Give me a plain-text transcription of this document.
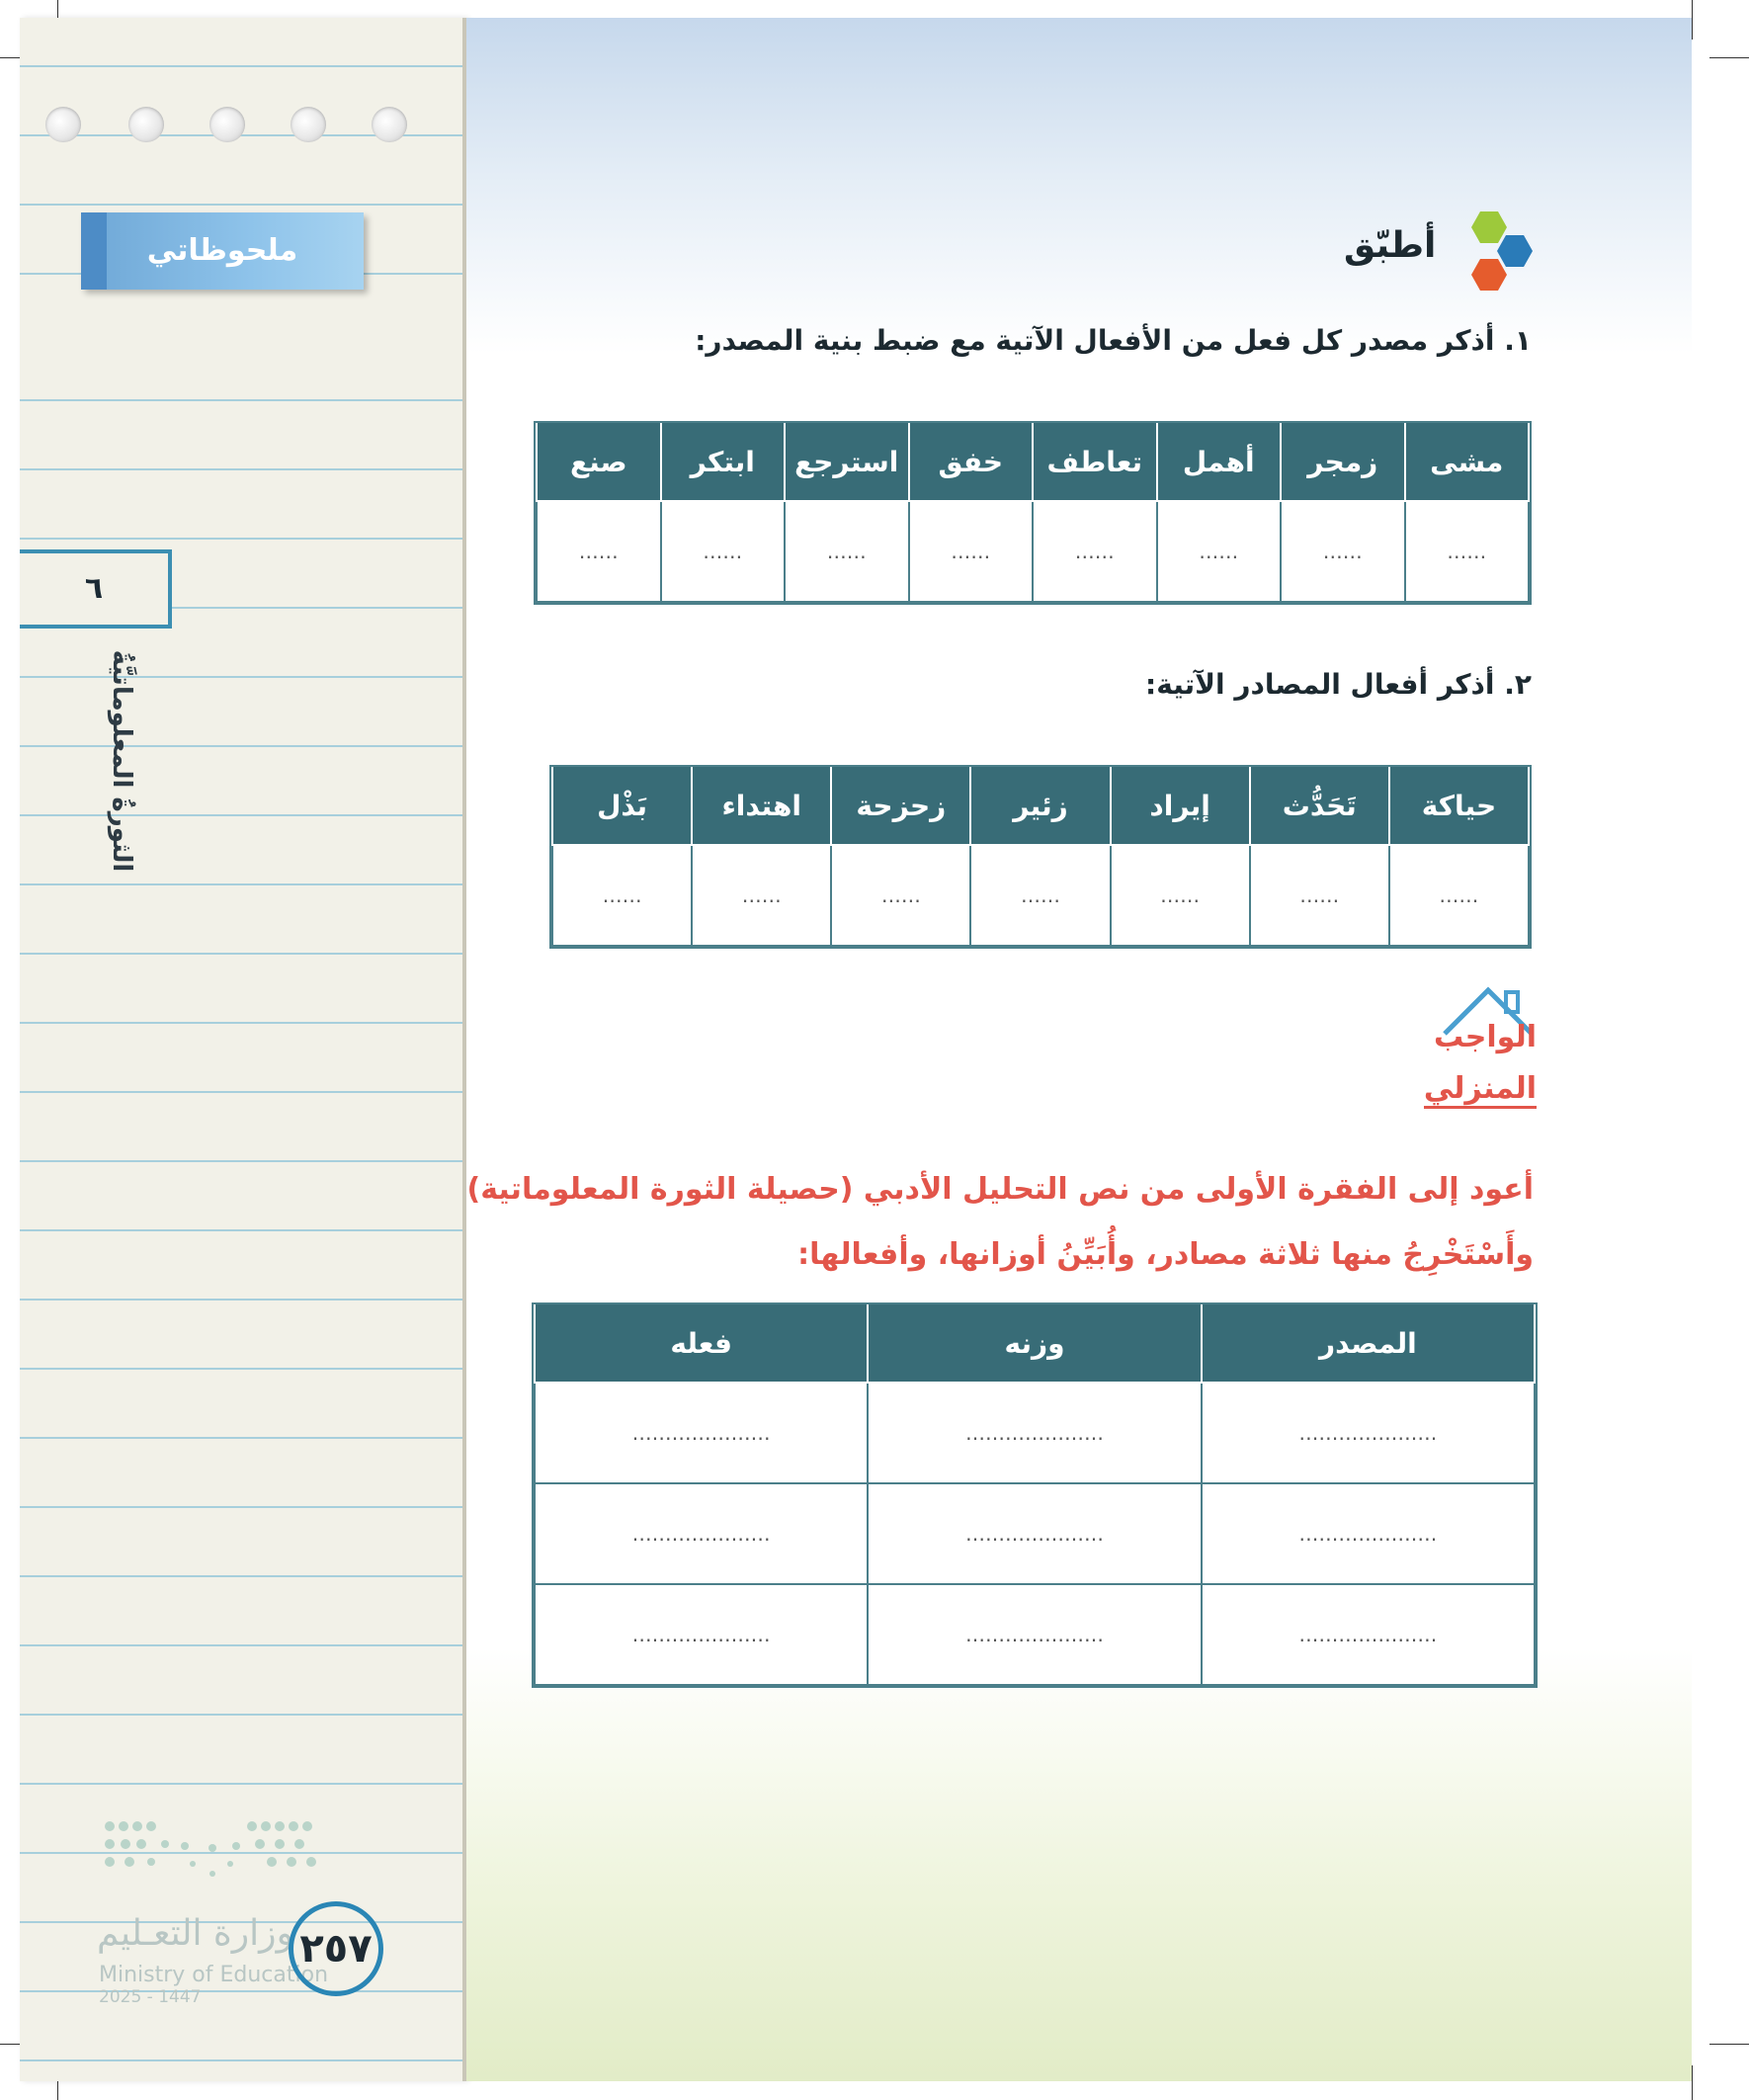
ملحوظاتي
٦
الثورةُ المعلوماتيَّةُ
وزارة التعـليم
Ministry of Education
2025 - 1447
٢٥٧
أطبّق
١. أذكر مصدر كل فعل من الأفعال الآتية مع ضبط بنية المصدر:
مشى	زمجر	أهمل	تعاطف	خفق	استرجع	ابتكر	صنع
……	……	……	……	……	……	……	……
٢. أذكر أفعال المصادر الآتية:
حياكة	تَحَدُّث	إيراد	زئير	زحزحة	اهتداء	بَذْل
……	……	……	……	……	……	……
الواجب
المنزلي
أعود إلى الفقرة الأولى من نص التحليل الأدبي (حصيلة الثورة المعلوماتية)
وأَسْتَخْرِجُ منها ثلاثة مصادر، وأُبَيِّنُ أوزانها، وأفعالها:
المصدر	وزنه	فعله
…………………	…………………	…………………
…………………	…………………	…………………
…………………	…………………	…………………
